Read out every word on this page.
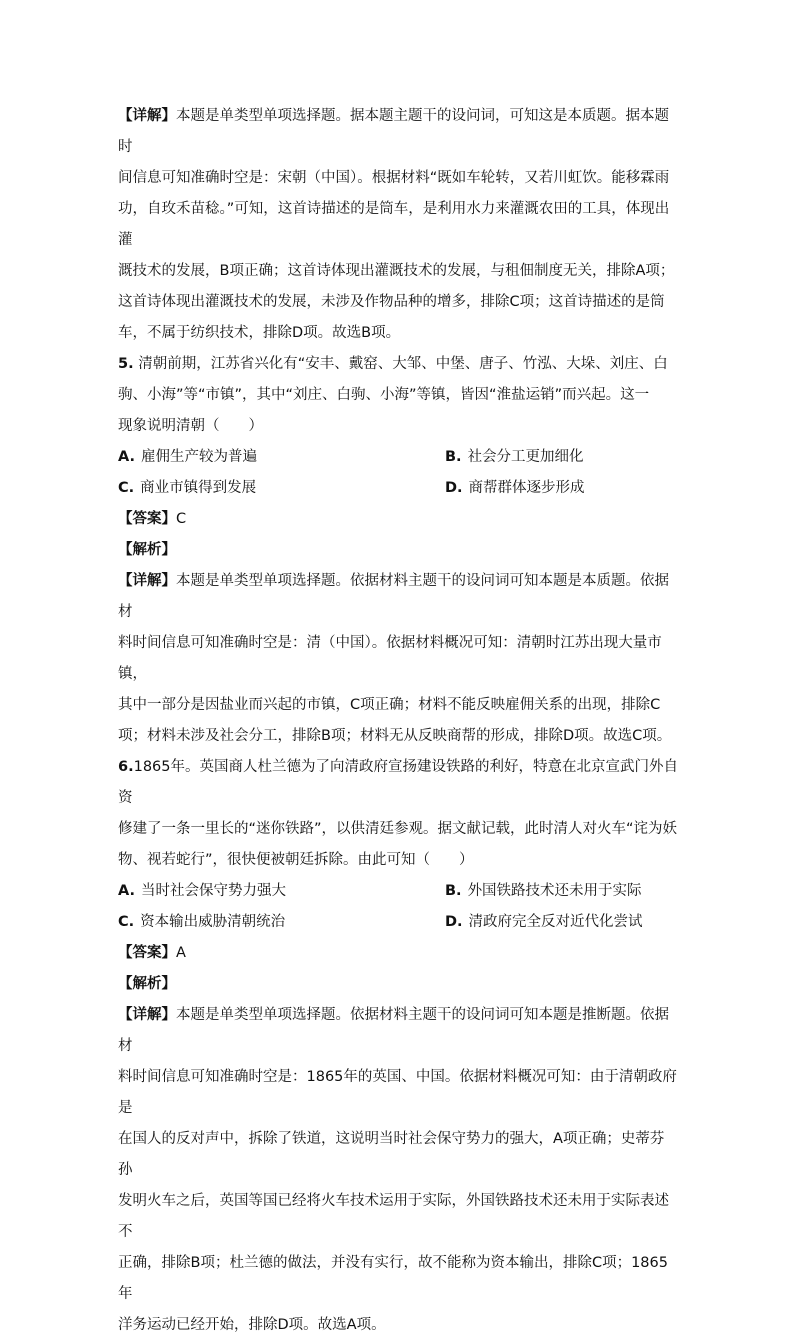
【详解】本题是单类型单项选择题。据本题主题干的设问词，可知这是本质题。据本题时

间信息可知准确时空是：宋朝（中国）。根据材料“既如车轮转，又若川虹饮。能移霖雨

功，自玫禾苗稔。”可知，这首诗描述的是筒车，是利用水力来灌溉农田的工具，体现出灌

溉技术的发展，B项正确；这首诗体现出灌溉技术的发展，与租佃制度无关，排除A项；

这首诗体现出灌溉技术的发展，未涉及作物品种的增多，排除C项；这首诗描述的是筒

车，不属于纺织技术，排除D项。故选B项。

5. 清朝前期，江苏省兴化有“安丰、戴窑、大邹、中堡、唐子、竹泓、大垛、刘庄、白

驹、小海”等“市镇”，其中“刘庄、白驹、小海”等镇，皆因“淮盐运销”而兴起。这一

现象说明清朝（　　）

A. 雇佣生产较为普遍	B. 社会分工更加细化
C. 商业市镇得到发展	D. 商帮群体逐步形成

【答案】C

【解析】

【详解】本题是单类型单项选择题。依据材料主题干的设问词可知本题是本质题。依据材

料时间信息可知准确时空是：清（中国）。依据材料概况可知：清朝时江苏出现大量市镇，

其中一部分是因盐业而兴起的市镇，C项正确；材料不能反映雇佣关系的出现，排除C

项；材料未涉及社会分工，排除B项；材料无从反映商帮的形成，排除D项。故选C项。

6.1865年。英国商人杜兰德为了向清政府宣扬建设铁路的利好，特意在北京宣武门外自资

修建了一条一里长的“迷你铁路”，以供清廷参观。据文献记载，此时清人对火车“诧为妖

物、视若蛇行”，很快便被朝廷拆除。由此可知（　　）

A. 当时社会保守势力强大	B. 外国铁路技术还未用于实际
C. 资本输出威胁清朝统治	D. 清政府完全反对近代化尝试

【答案】A

【解析】

【详解】本题是单类型单项选择题。依据材料主题干的设问词可知本题是推断题。依据材

料时间信息可知准确时空是：1865年的英国、中国。依据材料概况可知：由于清朝政府是

在国人的反对声中，拆除了铁道，这说明当时社会保守势力的强大，A项正确；史蒂芬孙

发明火车之后，英国等国已经将火车技术运用于实际，外国铁路技术还未用于实际表述不

正确，排除B项；杜兰德的做法，并没有实行，故不能称为资本输出，排除C项；1865年

洋务运动已经开始，排除D项。故选A项。
